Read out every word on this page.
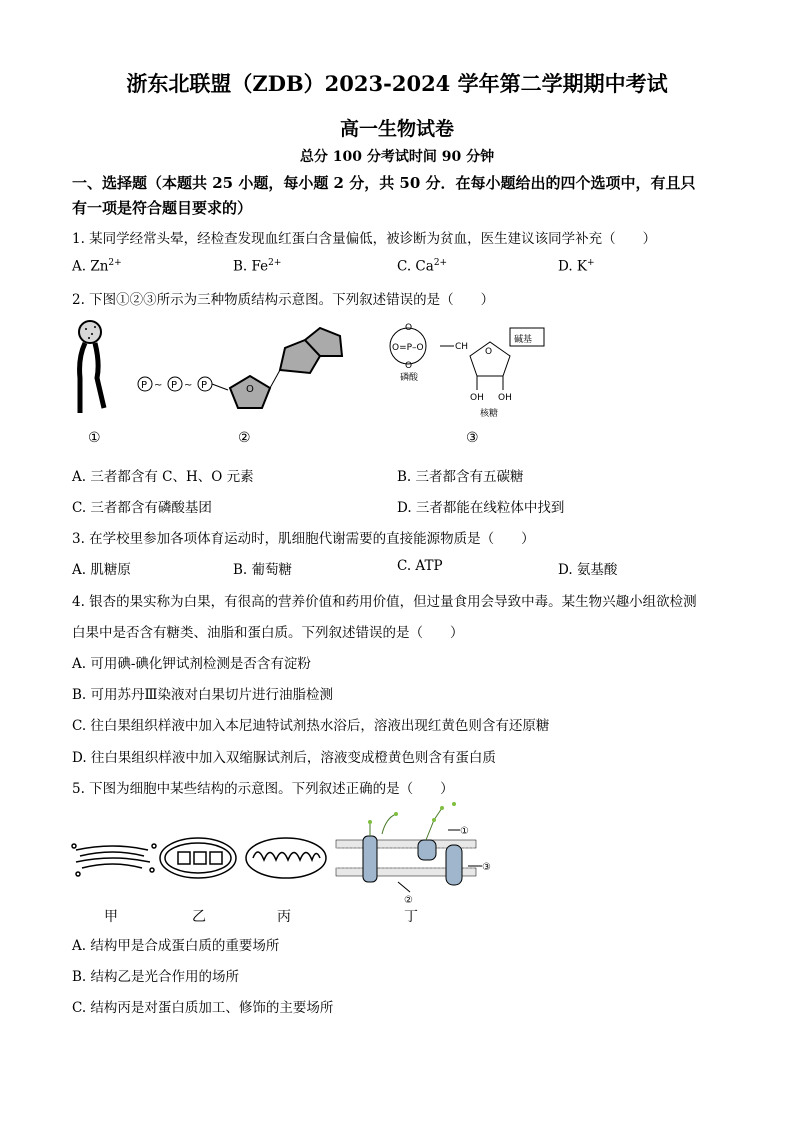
浙东北联盟（ZDB）2023-2024 学年第二学期期中考试
高一生物试卷
总分 100 分考试时间 90 分钟
一、选择题（本题共 25 小题，每小题 2 分，共 50 分．在每小题给出的四个选项中，有且只
有一项是符合题目要求的）
1. 某同学经常头晕，经检查发现血红蛋白含量偏低，被诊断为贫血，医生建议该同学补充（　　）
A. $Zn^{2+}$	B. $Fe^{2+}$	C. $Ca^{2+}$	D. K+
2. 下图①②③所示为三种物质结构示意图。下列叙述错误的是（　　）
P ~ P ~ P	O
O
O=P–O
O
CH O
碱基
OH OH
磷酸
核糖
①	②	③
A. 三者都含有 C、H、O 元素	B. 三者都含有五碳糖
C. 三者都含有磷酸基团	D. 三者都能在线粒体中找到
3. 在学校里参加各项体育运动时，肌细胞代谢需要的直接能源物质是（　　）
A. 肌糖原	B. 葡萄糖	C. ATP	D. 氨基酸
4. 银杏的果实称为白果，有很高的营养价值和药用价值，但过量食用会导致中毒。某生物兴趣小组欲检测
白果中是否含有糖类、油脂和蛋白质。下列叙述错误的是（　　）
A. 可用碘-碘化钾试剂检测是否含有淀粉
B. 可用苏丹Ⅲ染液对白果切片进行油脂检测
C. 往白果组织样液中加入本尼迪特试剂热水浴后，溶液出现红黄色则含有还原糖
D. 往白果组织样液中加入双缩脲试剂后，溶液变成橙黄色则含有蛋白质
5. 下图为细胞中某些结构的示意图。下列叙述正确的是（　　）
①
②
③
甲	乙	丙	丁
A. 结构甲是合成蛋白质的重要场所
B. 结构乙是光合作用的场所
C. 结构丙是对蛋白质加工、修饰的主要场所
